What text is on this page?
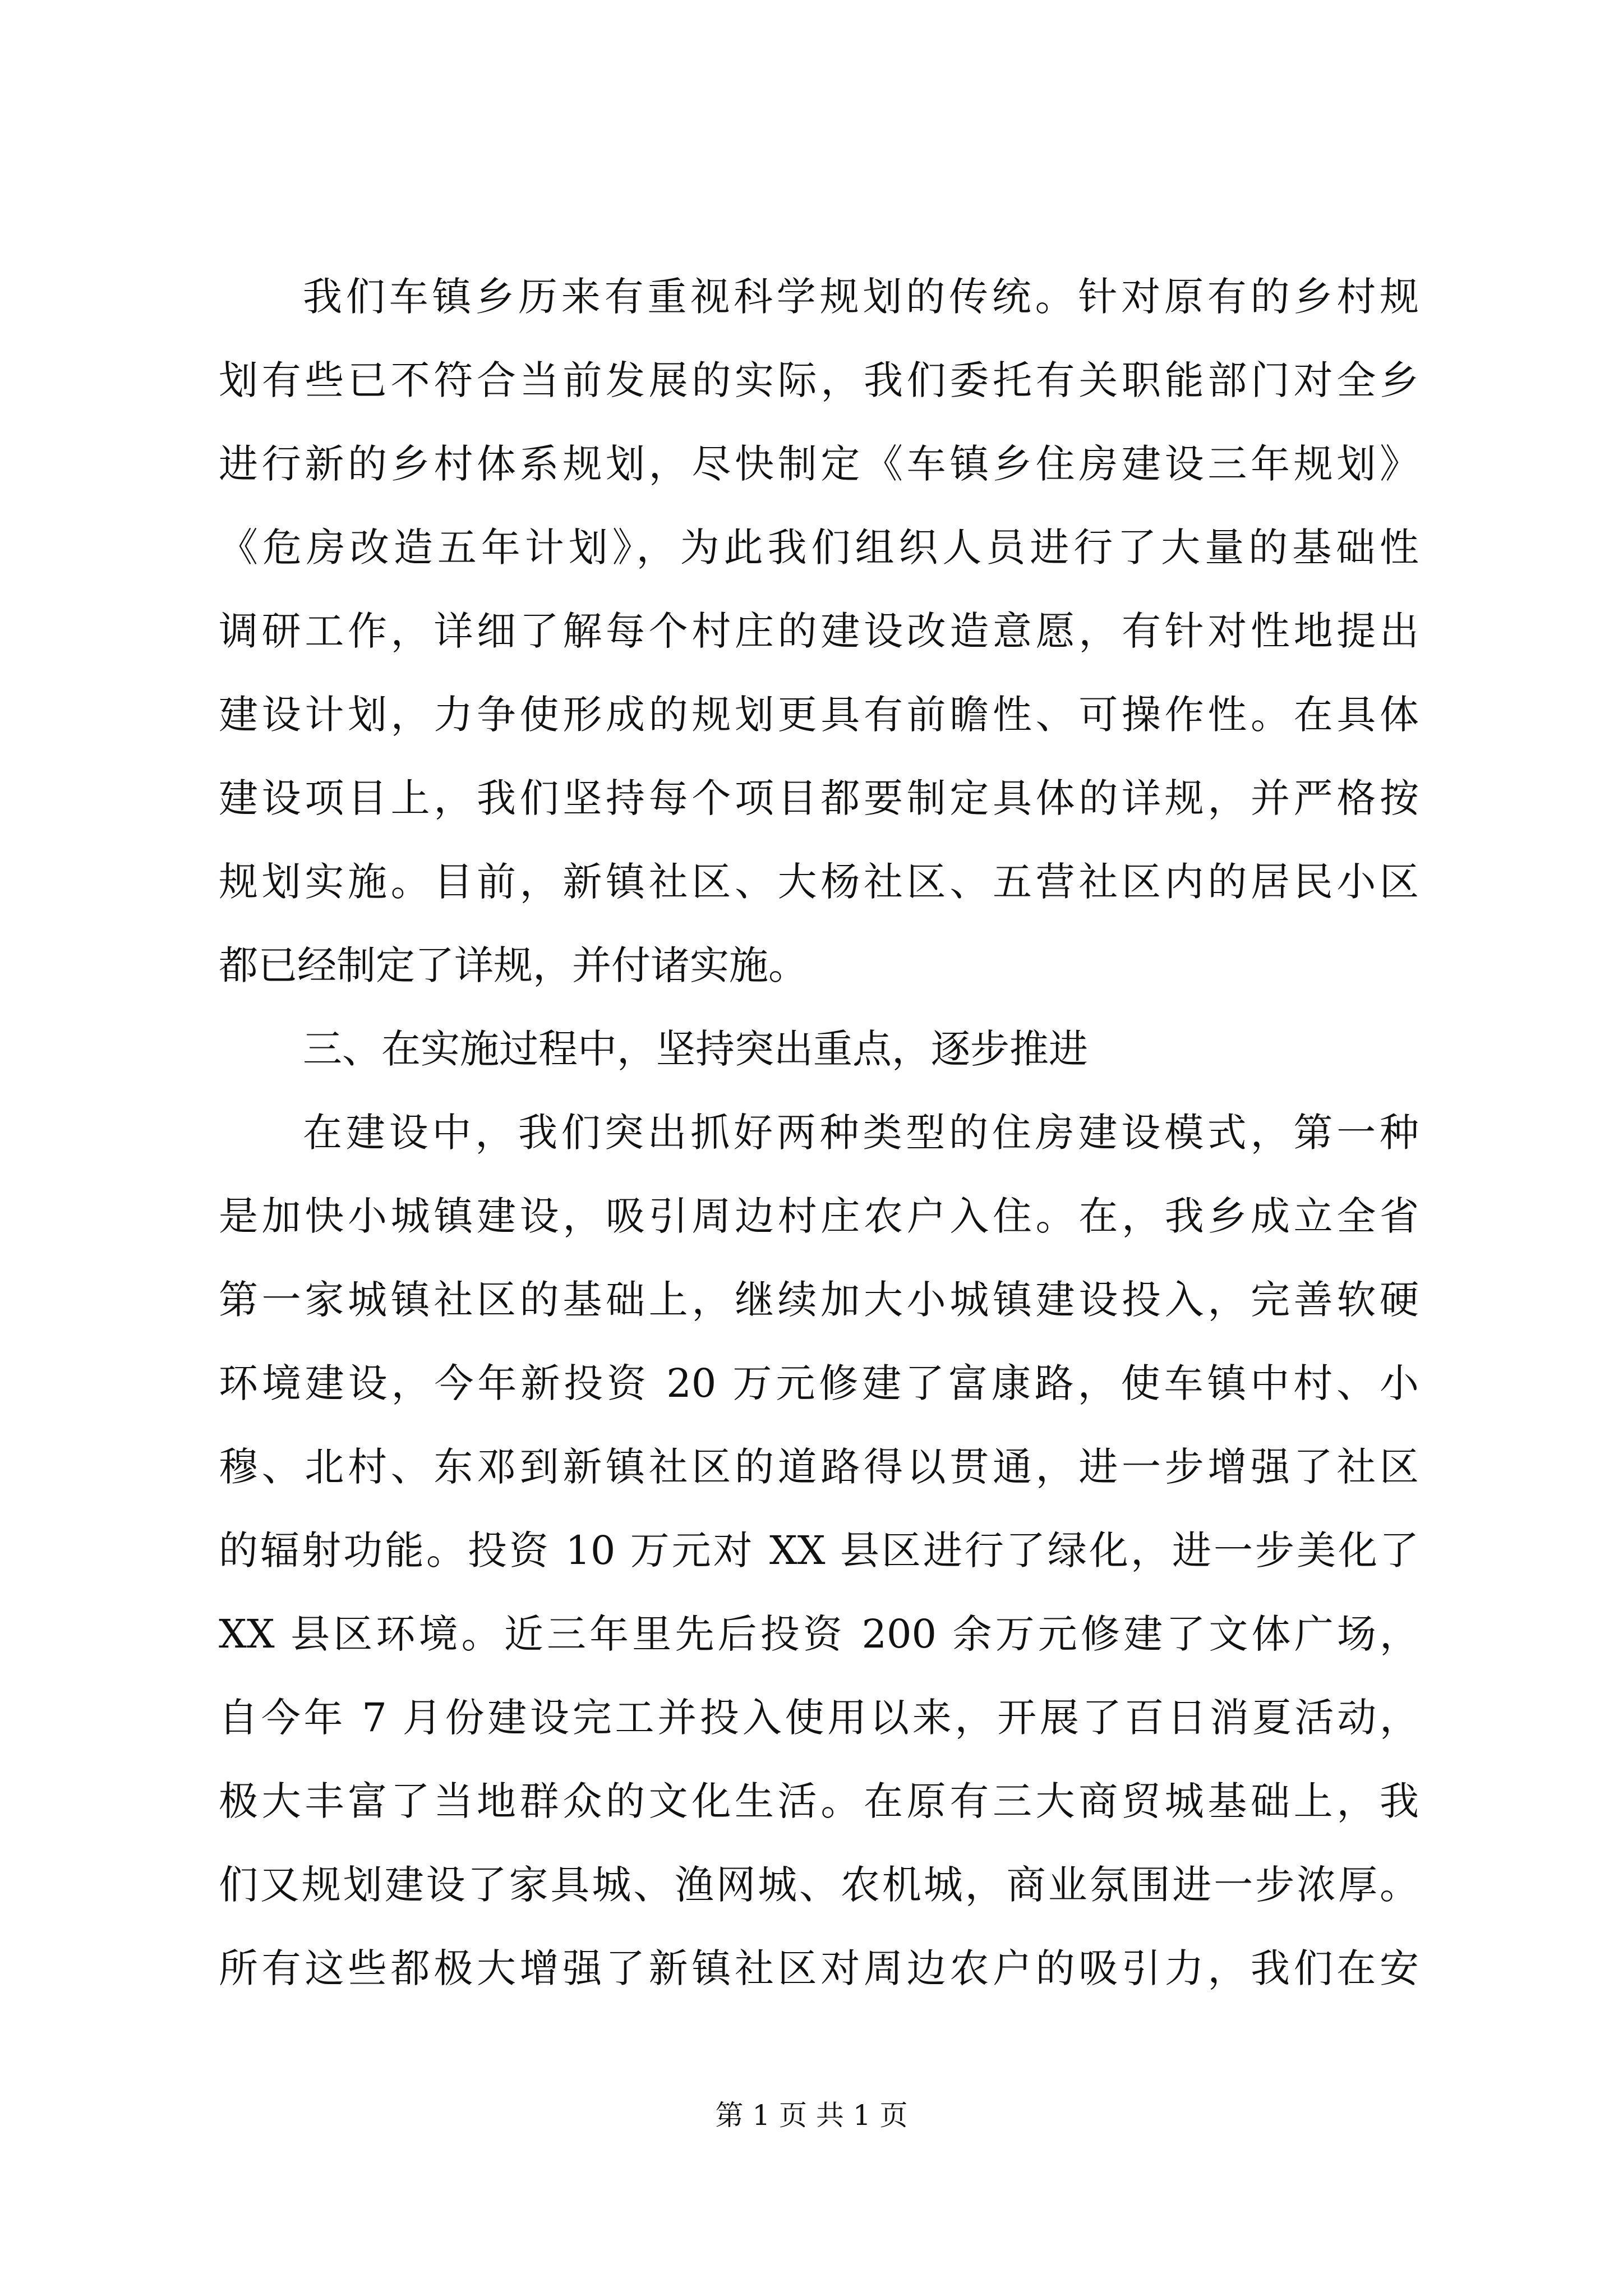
我们车镇乡历来有重视科学规划的传统。针对原有的乡村规
划有些已不符合当前发展的实际，我们委托有关职能部门对全乡
进行新的乡村体系规划，尽快制定《车镇乡住房建设三年规划》
《危房改造五年计划》，为此我们组织人员进行了大量的基础性
调研工作，详细了解每个村庄的建设改造意愿，有针对性地提出
建设计划，力争使形成的规划更具有前瞻性、可操作性。在具体
建设项目上，我们坚持每个项目都要制定具体的详规，并严格按
规划实施。目前，新镇社区、大杨社区、五营社区内的居民小区
都已经制定了详规，并付诸实施。
三、在实施过程中，坚持突出重点，逐步推进
在建设中，我们突出抓好两种类型的住房建设模式，第一种
是加快小城镇建设，吸引周边村庄农户入住。在，我乡成立全省
第一家城镇社区的基础上，继续加大小城镇建设投入，完善软硬
环境建设，今年新投资 20 万元修建了富康路，使车镇中村、小
穆、北村、东邓到新镇社区的道路得以贯通，进一步增强了社区
的辐射功能。投资 10 万元对 XX 县区进行了绿化，进一步美化了
XX 县区环境。近三年里先后投资 200 余万元修建了文体广场，
自今年 7 月份建设完工并投入使用以来，开展了百日消夏活动，
极大丰富了当地群众的文化生活。在原有三大商贸城基础上，我
们又规划建设了家具城、渔网城、农机城，商业氛围进一步浓厚。
所有这些都极大增强了新镇社区对周边农户的吸引力，我们在安
第 1 页 共 1 页
